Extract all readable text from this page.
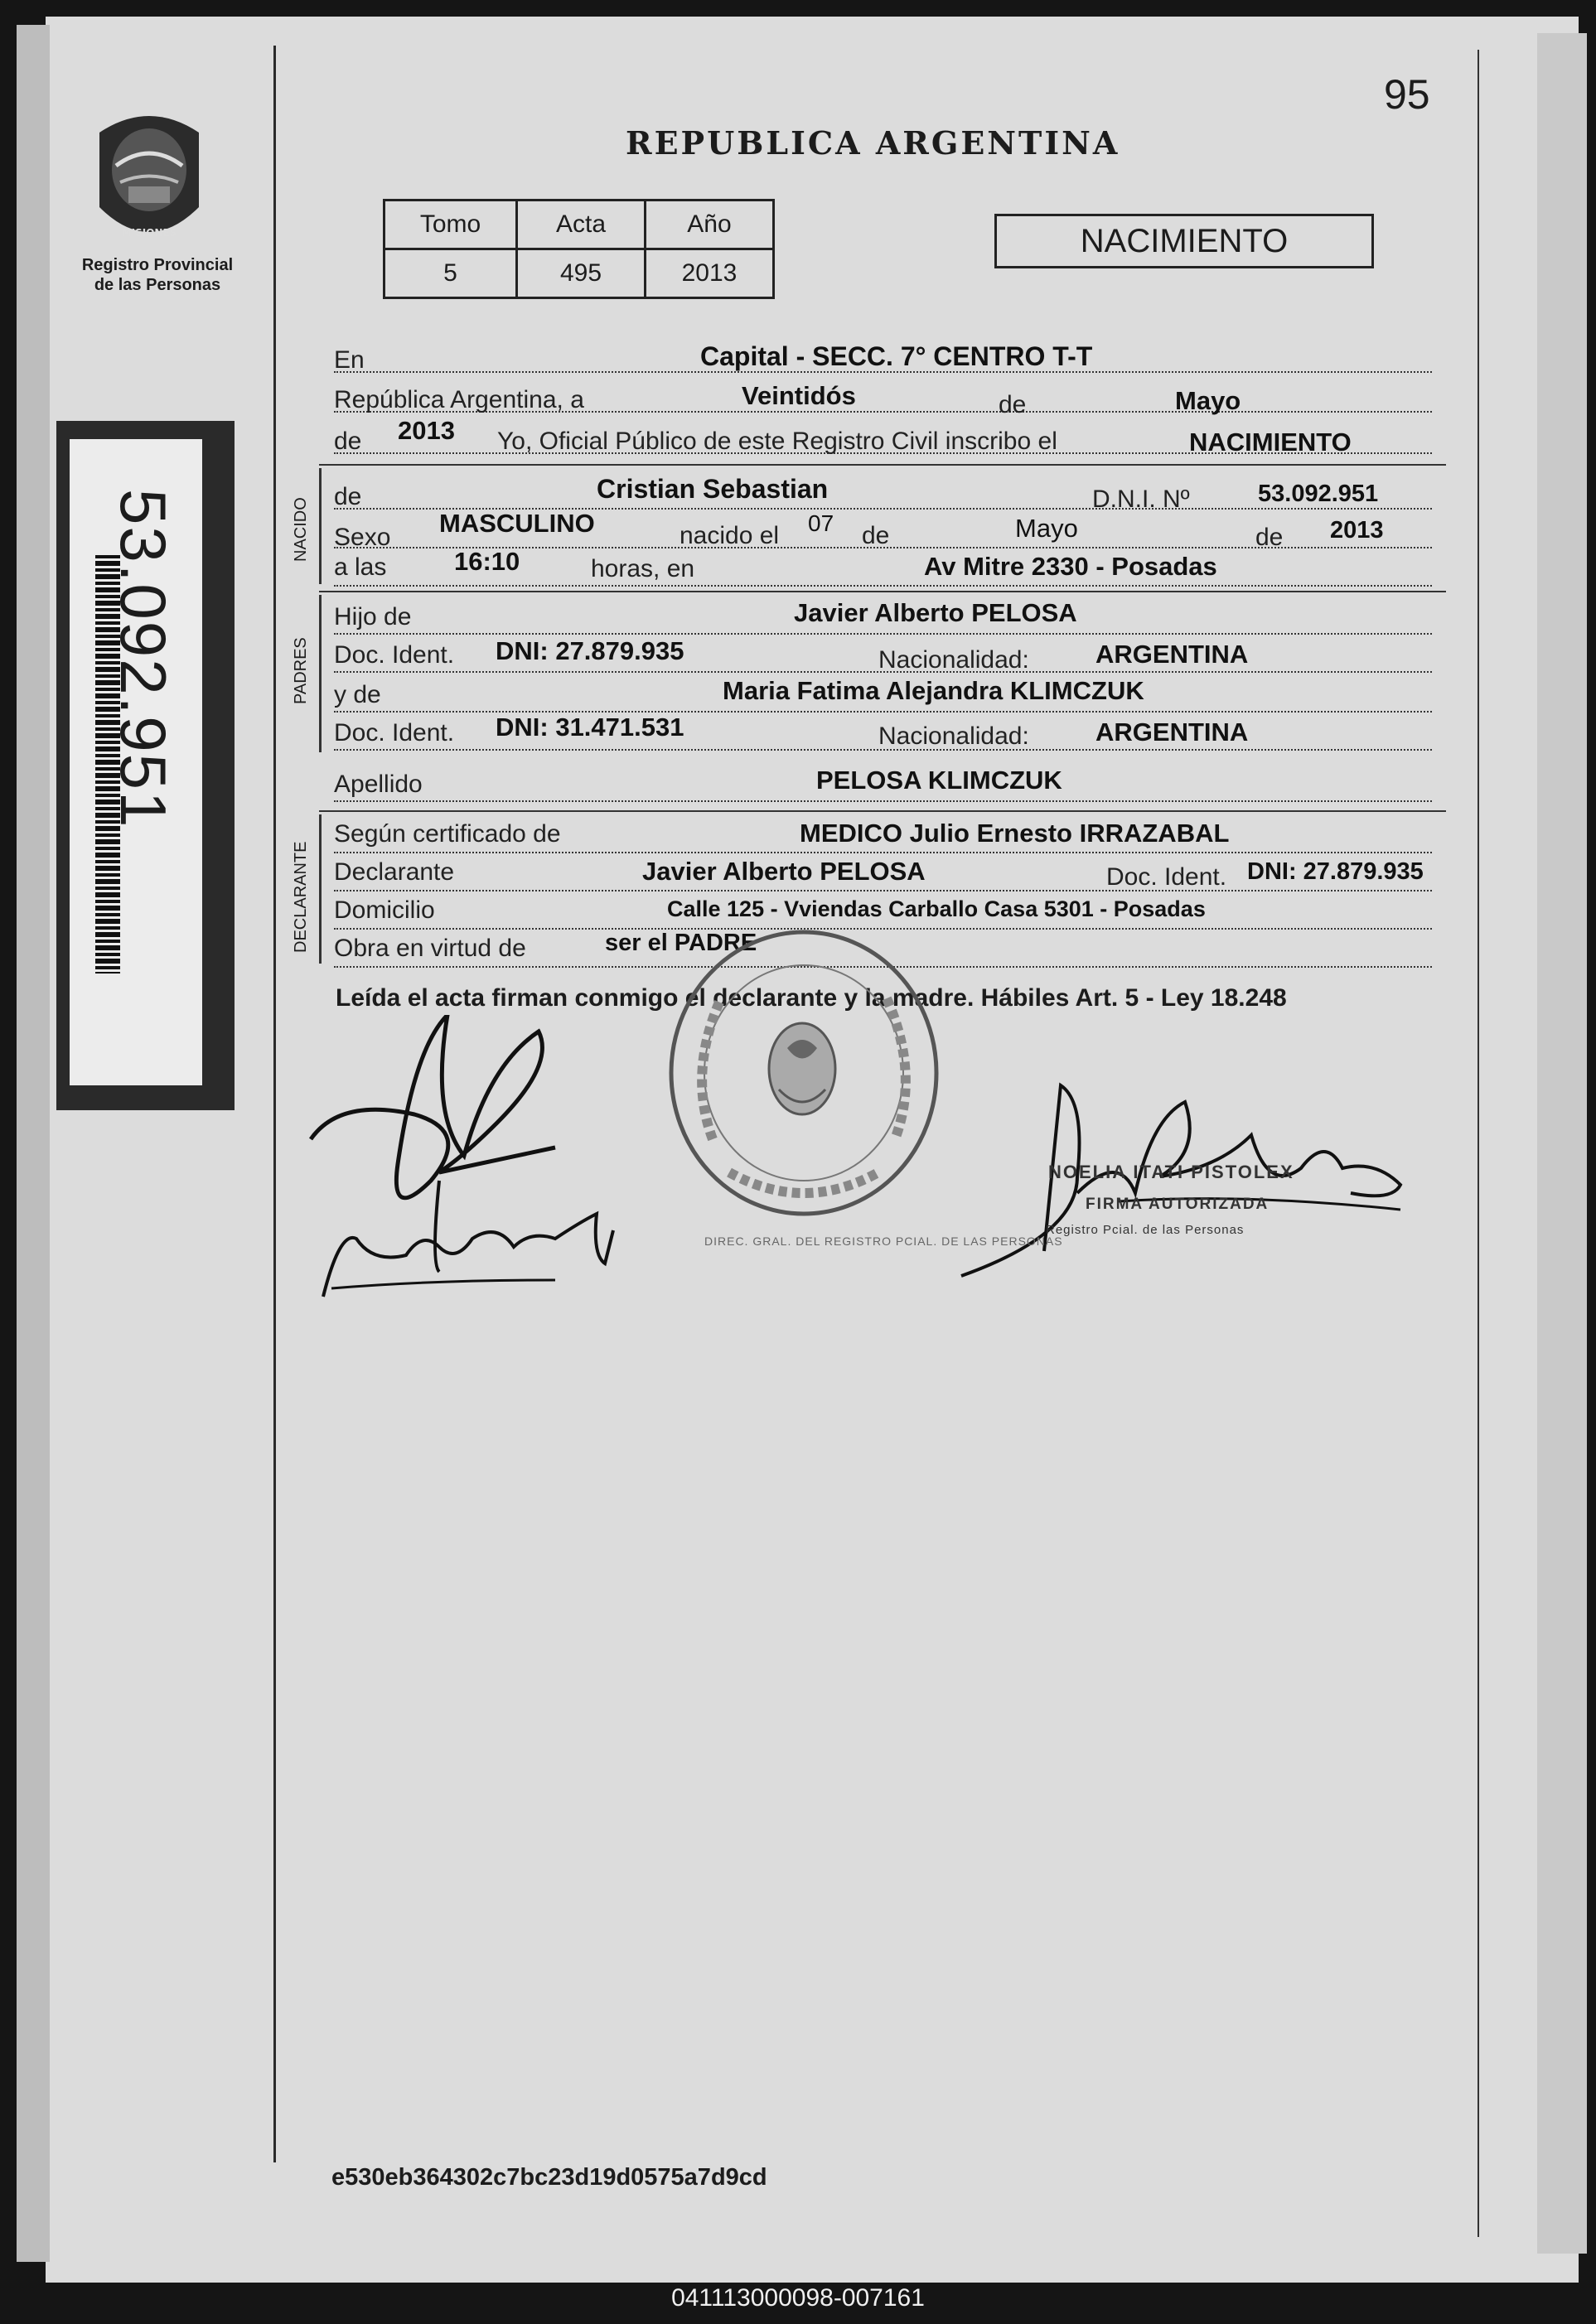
MISIONES
Registro Provincial
de las Personas
53.092.951
95
REPUBLICA ARGENTINA
Tomo	Acta	Año
5	495	2013
NACIMIENTO
En	Capital - SECC. 7° CENTRO T-T
República Argentina, a	Veintidós	de	Mayo
de 2013 Yo, Oficial Público de este Registro Civil inscribo el	NACIMIENTO
NACIDO
de	Cristian Sebastian	D.N.I. Nº	53.092.951
Sexo MASCULINO	nacido el 07 de	Mayo	de 2013
a las	16:10	horas, en	Av Mitre 2330 - Posadas
PADRES
Hijo de	Javier Alberto PELOSA
Doc. Ident. DNI: 27.879.935	Nacionalidad:	ARGENTINA
y de	Maria Fatima Alejandra KLIMCZUK
Doc. Ident. DNI: 31.471.531	Nacionalidad:	ARGENTINA
Apellido	PELOSA KLIMCZUK
DECLARANTE
Según certificado de	MEDICO Julio Ernesto IRRAZABAL
Declarante	Javier Alberto PELOSA	Doc. Ident. DNI: 27.879.935
Domicilio	Calle 125 - Vviendas Carballo Casa 5301 - Posadas
Obra en virtud de	ser el PADRE
Leída el acta firman conmigo el declarante y la madre. Hábiles Art. 5 - Ley 18.248
NOELIA ITATI PISTOLEX
FIRMA AUTORIZADA
Registro Pcial. de las Personas
DIREC. GRAL. DEL REGISTRO PCIAL. DE LAS PERSONAS
e530eb364302c7bc23d19d0575a7d9cd
041113000098-007161
